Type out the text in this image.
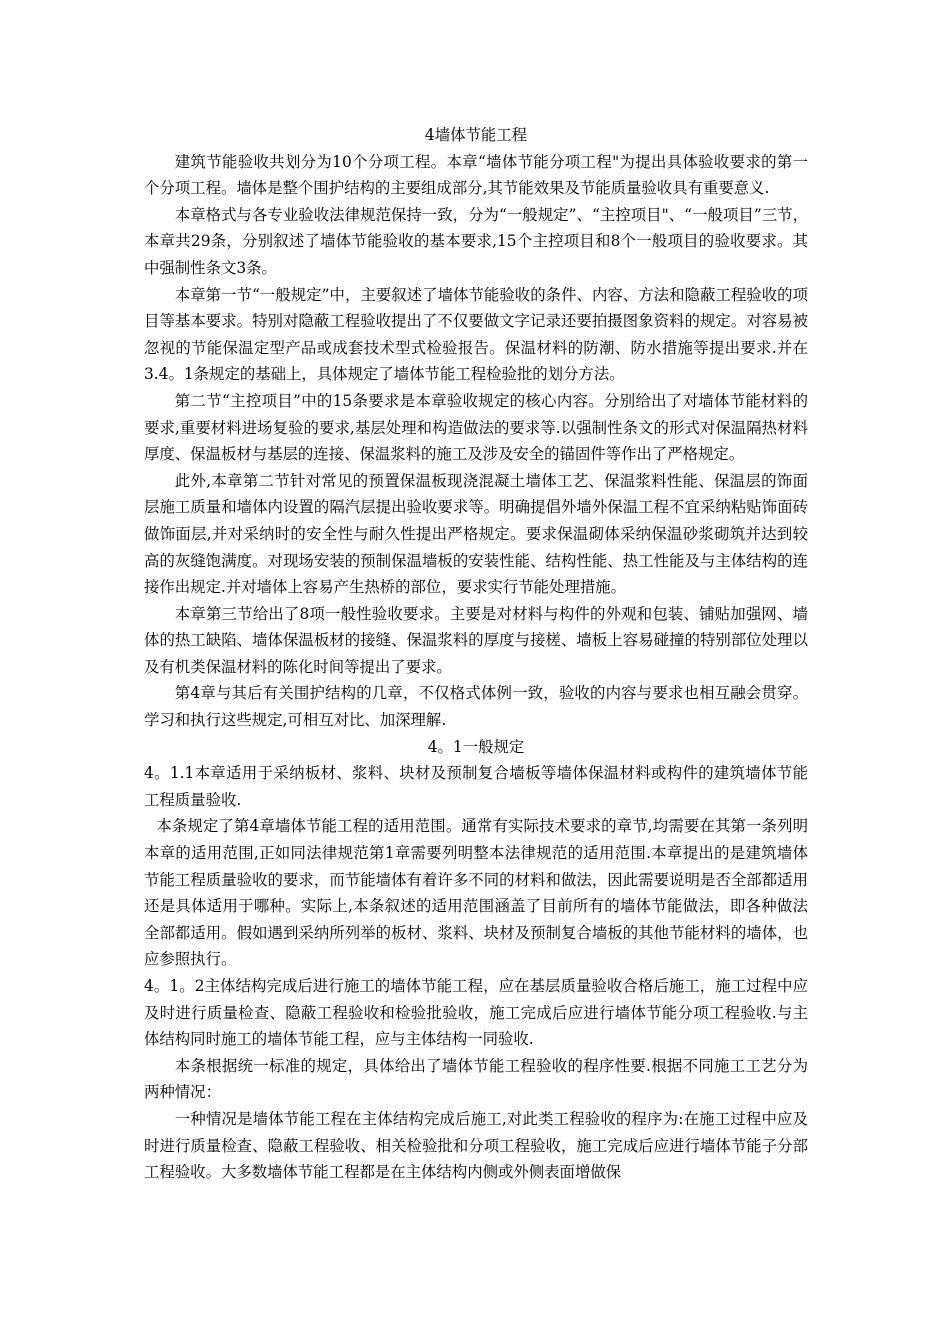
4墙体节能工程

建筑节能验收共划分为10个分项工程。本章“墙体节能分项工程"为提出具体验收要求的第一个分项工程。墙体是整个围护结构的主要组成部分,其节能效果及节能质量验收具有重要意义.

本章格式与各专业验收法律规范保持一致，分为“一般规定”、“主控项目"、“一般项目”三节，本章共29条，分别叙述了墙体节能验收的基本要求,15个主控项目和8个一般项目的验收要求。其中强制性条文3条。

本章第一节“一般规定”中，主要叙述了墙体节能验收的条件、内容、方法和隐蔽工程验收的项目等基本要求。特别对隐蔽工程验收提出了不仅要做文字记录还要拍摄图象资料的规定。对容易被忽视的节能保温定型产品或成套技术型式检验报告。保温材料的防潮、防水措施等提出要求.并在3.4。1条规定的基础上，具体规定了墙体节能工程检验批的划分方法。

第二节“主控项目”中的15条要求是本章验收规定的核心内容。分别给出了对墙体节能材料的要求,重要材料进场复验的要求,基层处理和构造做法的要求等.以强制性条文的形式对保温隔热材料厚度、保温板材与基层的连接、保温浆料的施工及涉及安全的锚固件等作出了严格规定。

此外,本章第二节针对常见的预置保温板现浇混凝土墙体工艺、保温浆料性能、保温层的饰面层施工质量和墙体内设置的隔汽层提出验收要求等。明确提倡外墙外保温工程不宜采纳粘贴饰面砖做饰面层,并对采纳时的安全性与耐久性提出严格规定。要求保温砌体采纳保温砂浆砌筑并达到较高的灰缝饱满度。对现场安装的预制保温墙板的安装性能、结构性能、热工性能及与主体结构的连接作出规定.并对墙体上容易产生热桥的部位，要求实行节能处理措施。

本章第三节给出了8项一般性验收要求。主要是对材料与构件的外观和包装、铺贴加强网、墙体的热工缺陷、墙体保温板材的接缝、保温浆料的厚度与接槎、墙板上容易碰撞的特别部位处理以及有机类保温材料的陈化时间等提出了要求。

第4章与其后有关围护结构的几章，不仅格式体例一致，验收的内容与要求也相互融会贯穿。学习和执行这些规定,可相互对比、加深理解.

4。1一般规定

4。1.1本章适用于采纳板材、浆料、块材及预制复合墙板等墙体保温材料或构件的建筑墙体节能工程质量验收.

本条规定了第4章墙体节能工程的适用范围。通常有实际技术要求的章节,均需要在其第一条列明本章的适用范围,正如同法律规范第1章需要列明整本法律规范的适用范围.本章提出的是建筑墙体节能工程质量验收的要求，而节能墙体有着许多不同的材料和做法，因此需要说明是否全部都适用还是具体适用于哪种。实际上,本条叙述的适用范围涵盖了目前所有的墙体节能做法，即各种做法全部都适用。假如遇到采纳所列举的板材、浆料、块材及预制复合墙板的其他节能材料的墙体，也应参照执行。

4。1。2主体结构完成后进行施工的墙体节能工程，应在基层质量验收合格后施工，施工过程中应及时进行质量检查、隐蔽工程验收和检验批验收，施工完成后应进行墙体节能分项工程验收.与主体结构同时施工的墙体节能工程，应与主体结构一同验收.

本条根据统一标准的规定，具体给出了墙体节能工程验收的程序性要.根据不同施工工艺分为两种情况：

一种情况是墙体节能工程在主体结构完成后施工,对此类工程验收的程序为:在施工过程中应及时进行质量检查、隐蔽工程验收、相关检验批和分项工程验收，施工完成后应进行墙体节能子分部工程验收。大多数墙体节能工程都是在主体结构内侧或外侧表面增做保
